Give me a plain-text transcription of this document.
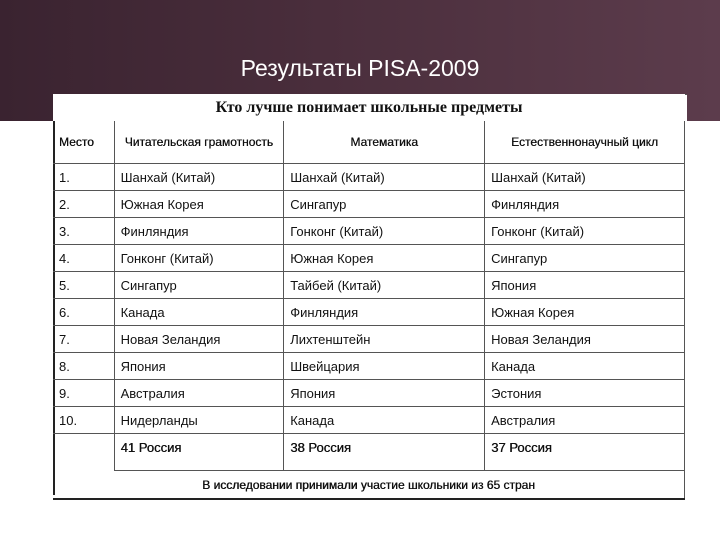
Результаты PISA-2009
Кто лучше понимает школьные предметы
Место	Читательская грамотность	Математика	Естественнонаучный цикл
1.	Шанхай (Китай)	Шанхай (Китай)	Шанхай (Китай)
2.	Южная Корея	Сингапур	Финляндия
3.	Финляндия	Гонконг (Китай)	Гонконг (Китай)
4.	Гонконг (Китай)	Южная Корея	Сингапур
5.	Сингапур	Тайбей (Китай)	Япония
6.	Канада	Финляндия	Южная Корея
7.	Новая Зеландия	Лихтенштейн	Новая Зеландия
8.	Япония	Швейцария	Канада
9.	Австралия	Япония	Эстония
10.	Нидерланды	Канада	Австралия
	41 Россия	38 Россия	37 Россия
В исследовании принимали участие школьники из 65 стран			
